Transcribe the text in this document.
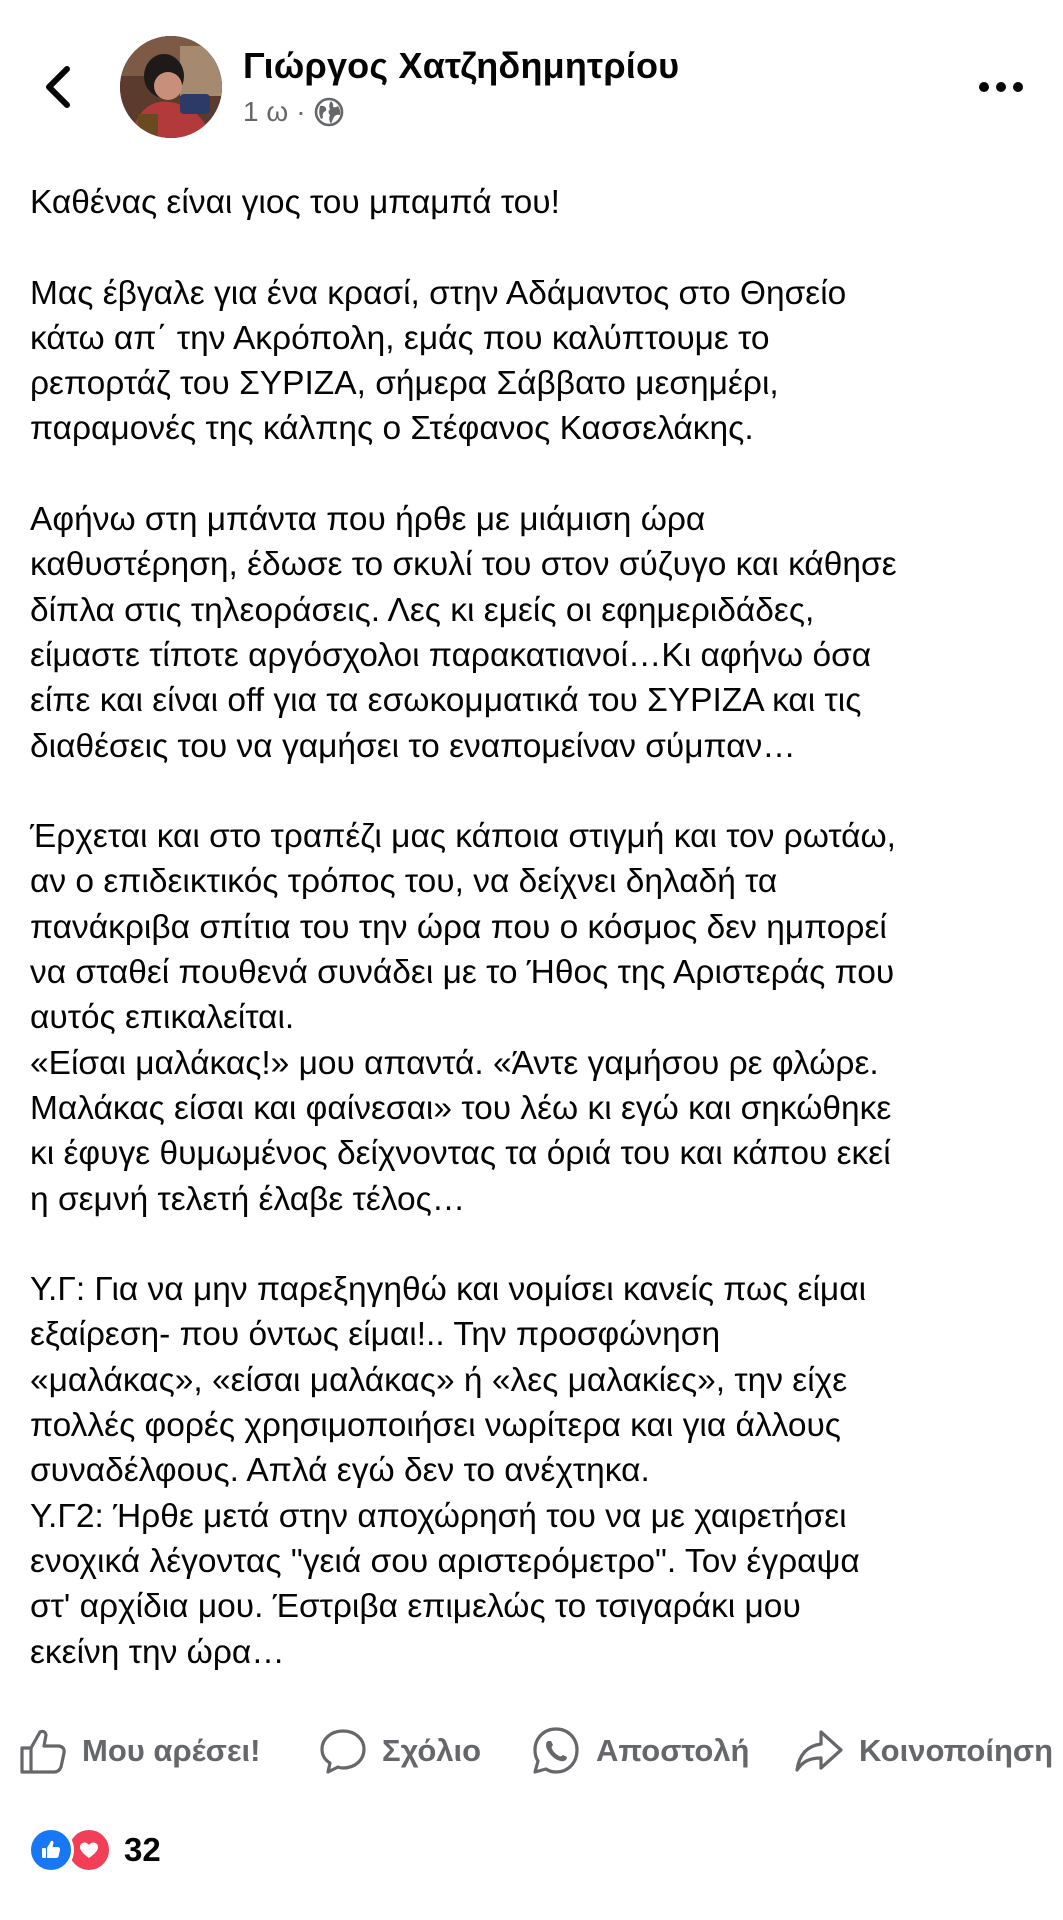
Γιώργος Χατζηδημητρίου
1 ω ·
Καθένας είναι γιος του μπαμπά του!
Μας έβγαλε για ένα κρασί, στην Αδάμαντος στο Θησείο
κάτω απ΄ την Ακρόπολη, εμάς που καλύπτουμε το
ρεπορτάζ του ΣΥΡΙΖΑ, σήμερα Σάββατο μεσημέρι,
παραμονές της κάλπης ο Στέφανος Κασσελάκης.
Αφήνω στη μπάντα που ήρθε με μιάμιση ώρα
καθυστέρηση, έδωσε το σκυλί του στον σύζυγο και κάθησε
δίπλα στις τηλεοράσεις. Λες κι εμείς οι εφημεριδάδες,
είμαστε τίποτε αργόσχολοι παρακατιανοί…Κι αφήνω όσα
είπε και είναι off για τα εσωκομματικά του ΣΥΡΙΖΑ και τις
διαθέσεις του να γαμήσει το εναπομείναν σύμπαν…
Έρχεται και στο τραπέζι μας κάποια στιγμή και τον ρωτάω,
αν ο επιδεικτικός τρόπος του, να δείχνει δηλαδή τα
πανάκριβα σπίτια του την ώρα που ο κόσμος δεν ημπορεί
να σταθεί πουθενά συνάδει με το Ήθος της Αριστεράς που
αυτός επικαλείται.
«Είσαι μαλάκας!» μου απαντά. «Άντε γαμήσου ρε φλώρε.
Μαλάκας είσαι και φαίνεσαι» του λέω κι εγώ και σηκώθηκε
κι έφυγε θυμωμένος δείχνοντας τα όριά του και κάπου εκεί
η σεμνή τελετή έλαβε τέλος…
Υ.Γ: Για να μην παρεξηγηθώ και νομίσει κανείς πως είμαι
εξαίρεση- που όντως είμαι!.. Την προσφώνηση
«μαλάκας», «είσαι μαλάκας» ή «λες μαλακίες», την είχε
πολλές φορές χρησιμοποιήσει νωρίτερα και για άλλους
συναδέλφους. Απλά εγώ δεν το ανέχτηκα.
Υ.Γ2: Ήρθε μετά στην αποχώρησή του να με χαιρετήσει
ενοχικά λέγοντας "γειά σου αριστερόμετρο". Τον έγραψα
στ' αρχίδια μου. Έστριβα επιμελώς το τσιγαράκι μου
εκείνη την ώρα…
Μου αρέσει!	Σχόλιο	Αποστολή	Κοινοποίηση
32
